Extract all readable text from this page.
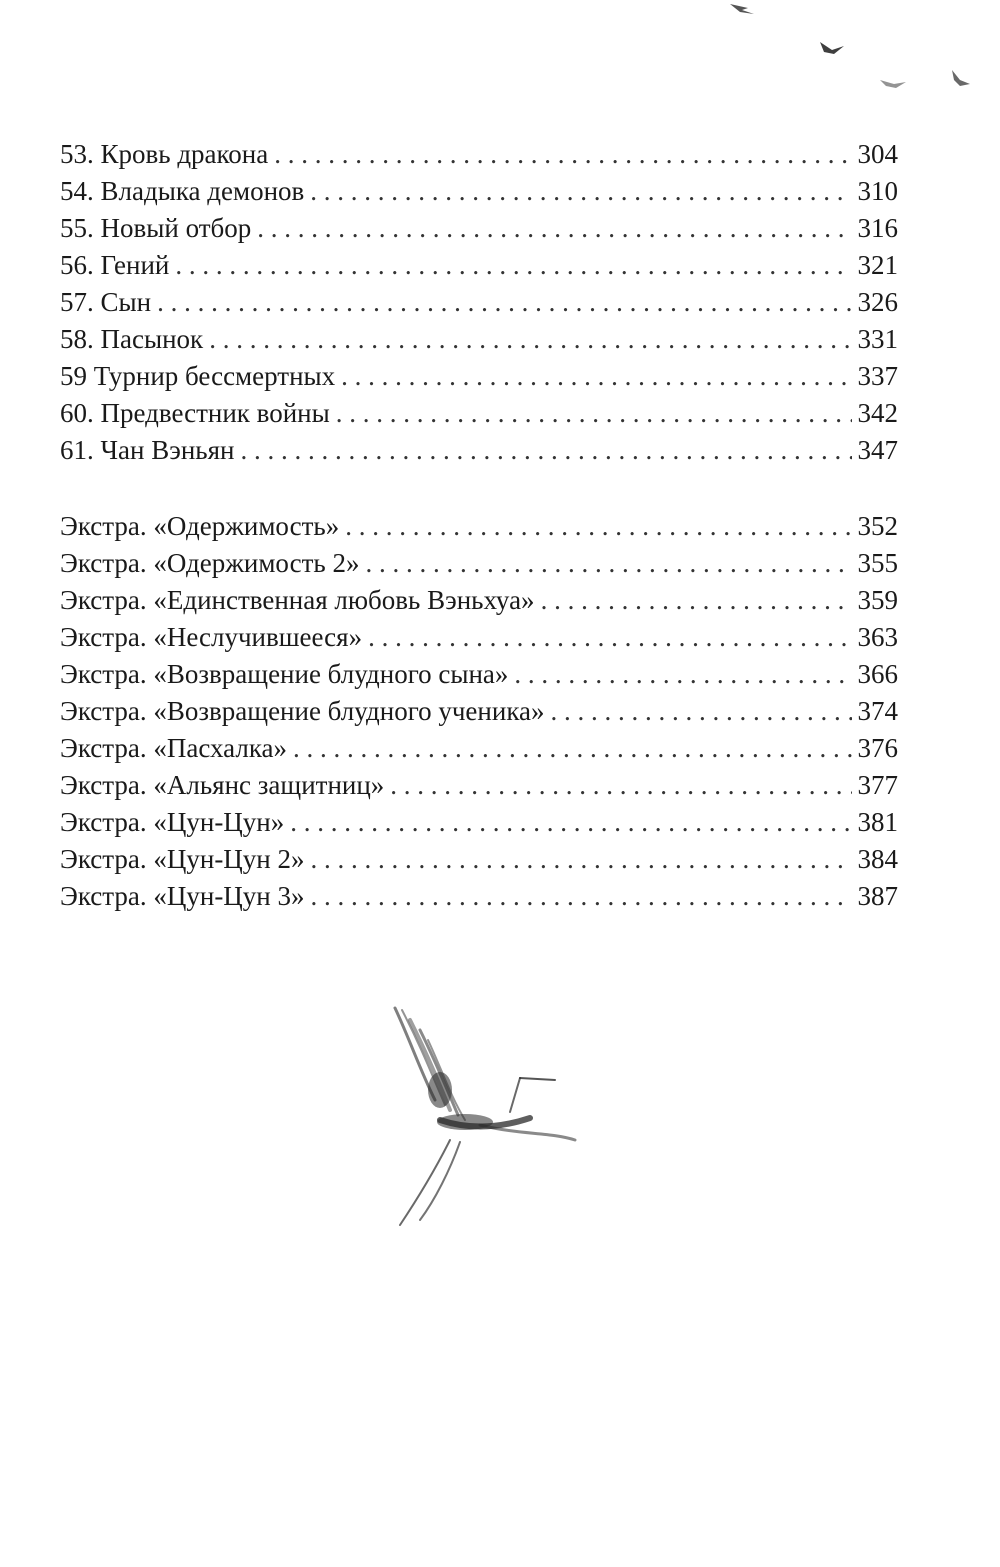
53. Кровь дракона . . .	304
54. Владыка демонов . . .	310
55. Новый отбор . . .	316
56. Гений . . .	321
57. Сын . . .	326
58. Пасынок . . .	331
59 Турнир бессмертных . . .	337
60. Предвестник войны . . .	342
61. Чан Вэньян . . .	347
Экстра. «Одержимость» . . .	352
Экстра. «Одержимость 2» . . .	355
Экстра. «Единственная любовь Вэньхуа» . . .	359
Экстра. «Неслучившееся» . . .	363
Экстра. «Возвращение блудного сына» . . .	366
Экстра. «Возвращение блудного ученика» . . .	374
Экстра. «Пасхалка» . . .	376
Экстра. «Альянс защитниц» . . .	377
Экстра. «Цун-Цун» . . .	381
Экстра. «Цун-Цун 2» . . .	384
Экстра. «Цун-Цун 3» . . .	387
